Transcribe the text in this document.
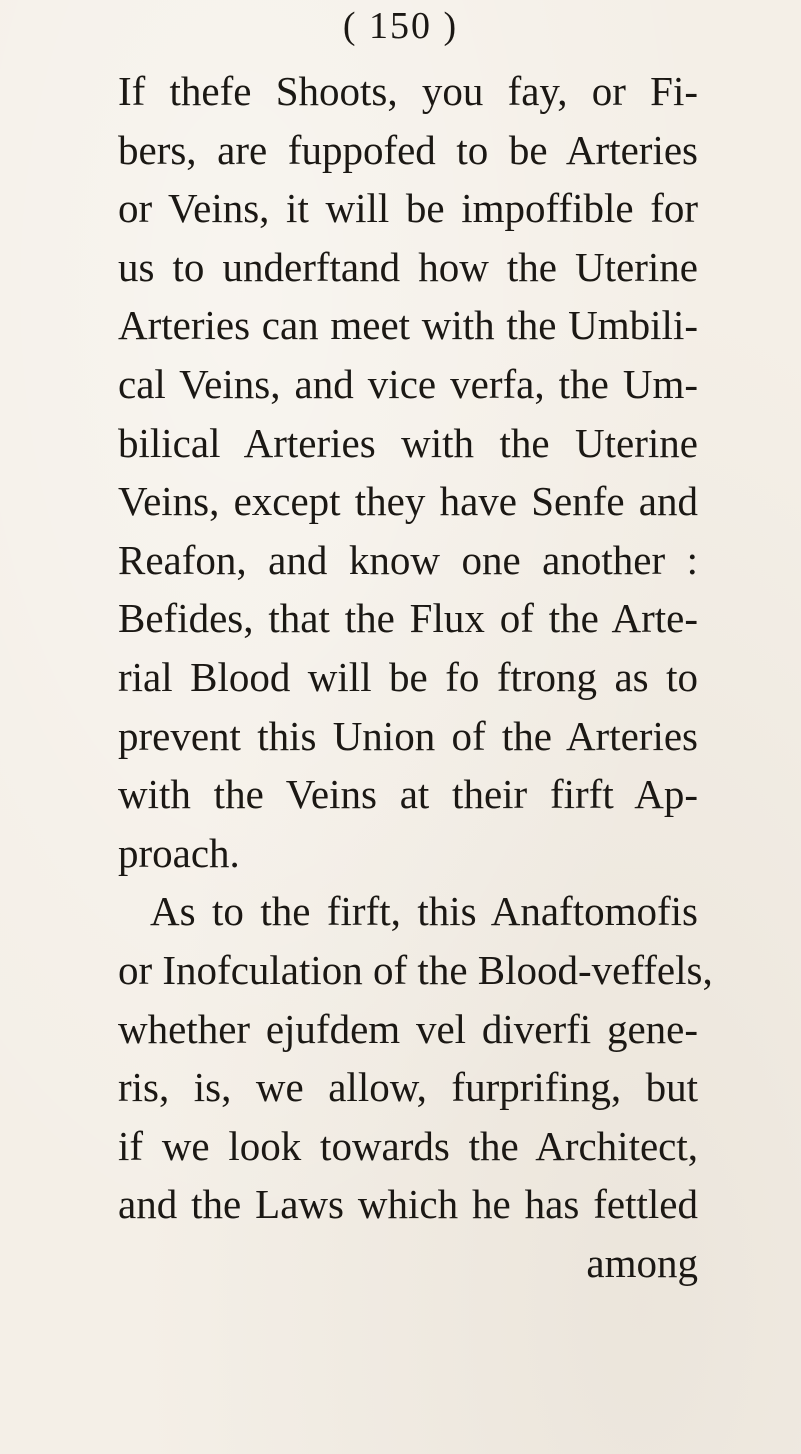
( 150 )
If thefe Shoots, you fay, or Fi-
bers, are fuppofed to be Arteries
or Veins, it will be impoffible for
us to underftand how the Uterine
Arteries can meet with the Umbili-
cal Veins, and vice verfa, the Um-
bilical Arteries with the Uterine
Veins, except they have Senfe and
Reafon, and know one another :
Befides, that the Flux of the Arte-
rial Blood will be fo ftrong as to
prevent this Union of the Arteries
with the Veins at their firft Ap-
proach.
As to the firft, this Anaftomofis
or Inofculation of the Blood-veffels,
whether ejufdem vel diverfi gene-
ris, is, we allow, furprifing, but
if we look towards the Architect,
and the Laws which he has fettled
among
